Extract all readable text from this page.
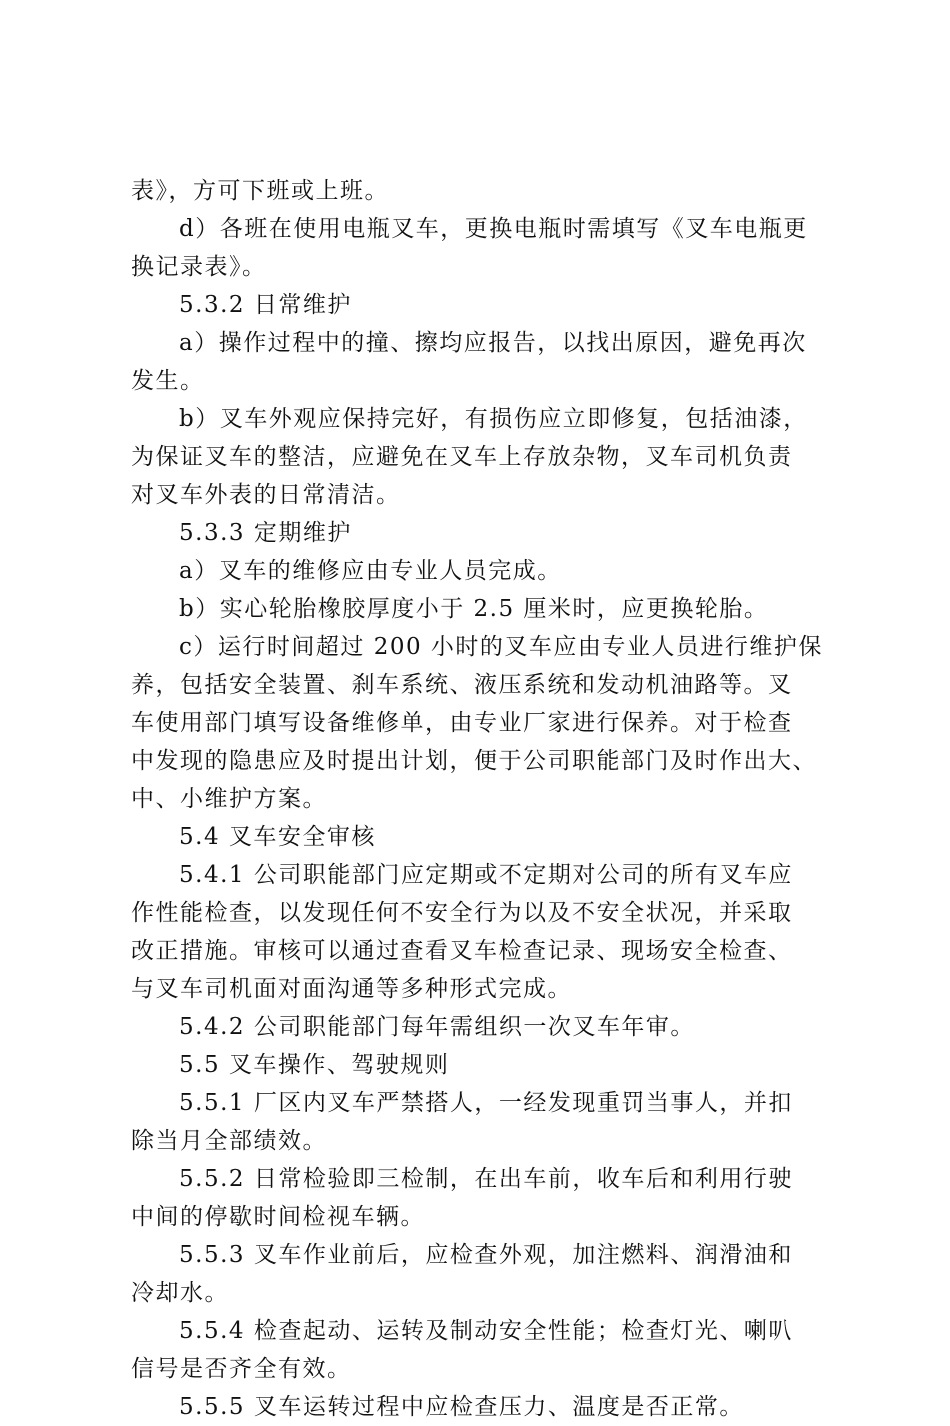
表》，方可下班或上班。
d）各班在使用电瓶叉车，更换电瓶时需填写《叉车电瓶更
换记录表》。
5.3.2 日常维护
a）操作过程中的撞、擦均应报告，以找出原因，避免再次
发生。
b）叉车外观应保持完好，有损伤应立即修复，包括油漆，
为保证叉车的整洁，应避免在叉车上存放杂物，叉车司机负责
对叉车外表的日常清洁。
5.3.3 定期维护
a）叉车的维修应由专业人员完成。
b）实心轮胎橡胶厚度小于 2.5 厘米时，应更换轮胎。
c）运行时间超过 200 小时的叉车应由专业人员进行维护保
养，包括安全装置、刹车系统、液压系统和发动机油路等。叉
车使用部门填写设备维修单，由专业厂家进行保养。对于检查
中发现的隐患应及时提出计划，便于公司职能部门及时作出大、
中、小维护方案。
5.4 叉车安全审核
5.4.1 公司职能部门应定期或不定期对公司的所有叉车应
作性能检查，以发现任何不安全行为以及不安全状况，并采取
改正措施。审核可以通过查看叉车检查记录、现场安全检查、
与叉车司机面对面沟通等多种形式完成。
5.4.2 公司职能部门每年需组织一次叉车年审。
5.5 叉车操作、驾驶规则
5.5.1 厂区内叉车严禁搭人，一经发现重罚当事人，并扣
除当月全部绩效。
5.5.2 日常检验即三检制，在出车前，收车后和利用行驶
中间的停歇时间检视车辆。
5.5.3 叉车作业前后，应检查外观，加注燃料、润滑油和
冷却水。
5.5.4 检查起动、运转及制动安全性能；检查灯光、喇叭
信号是否齐全有效。
5.5.5 叉车运转过程中应检查压力、温度是否正常。
